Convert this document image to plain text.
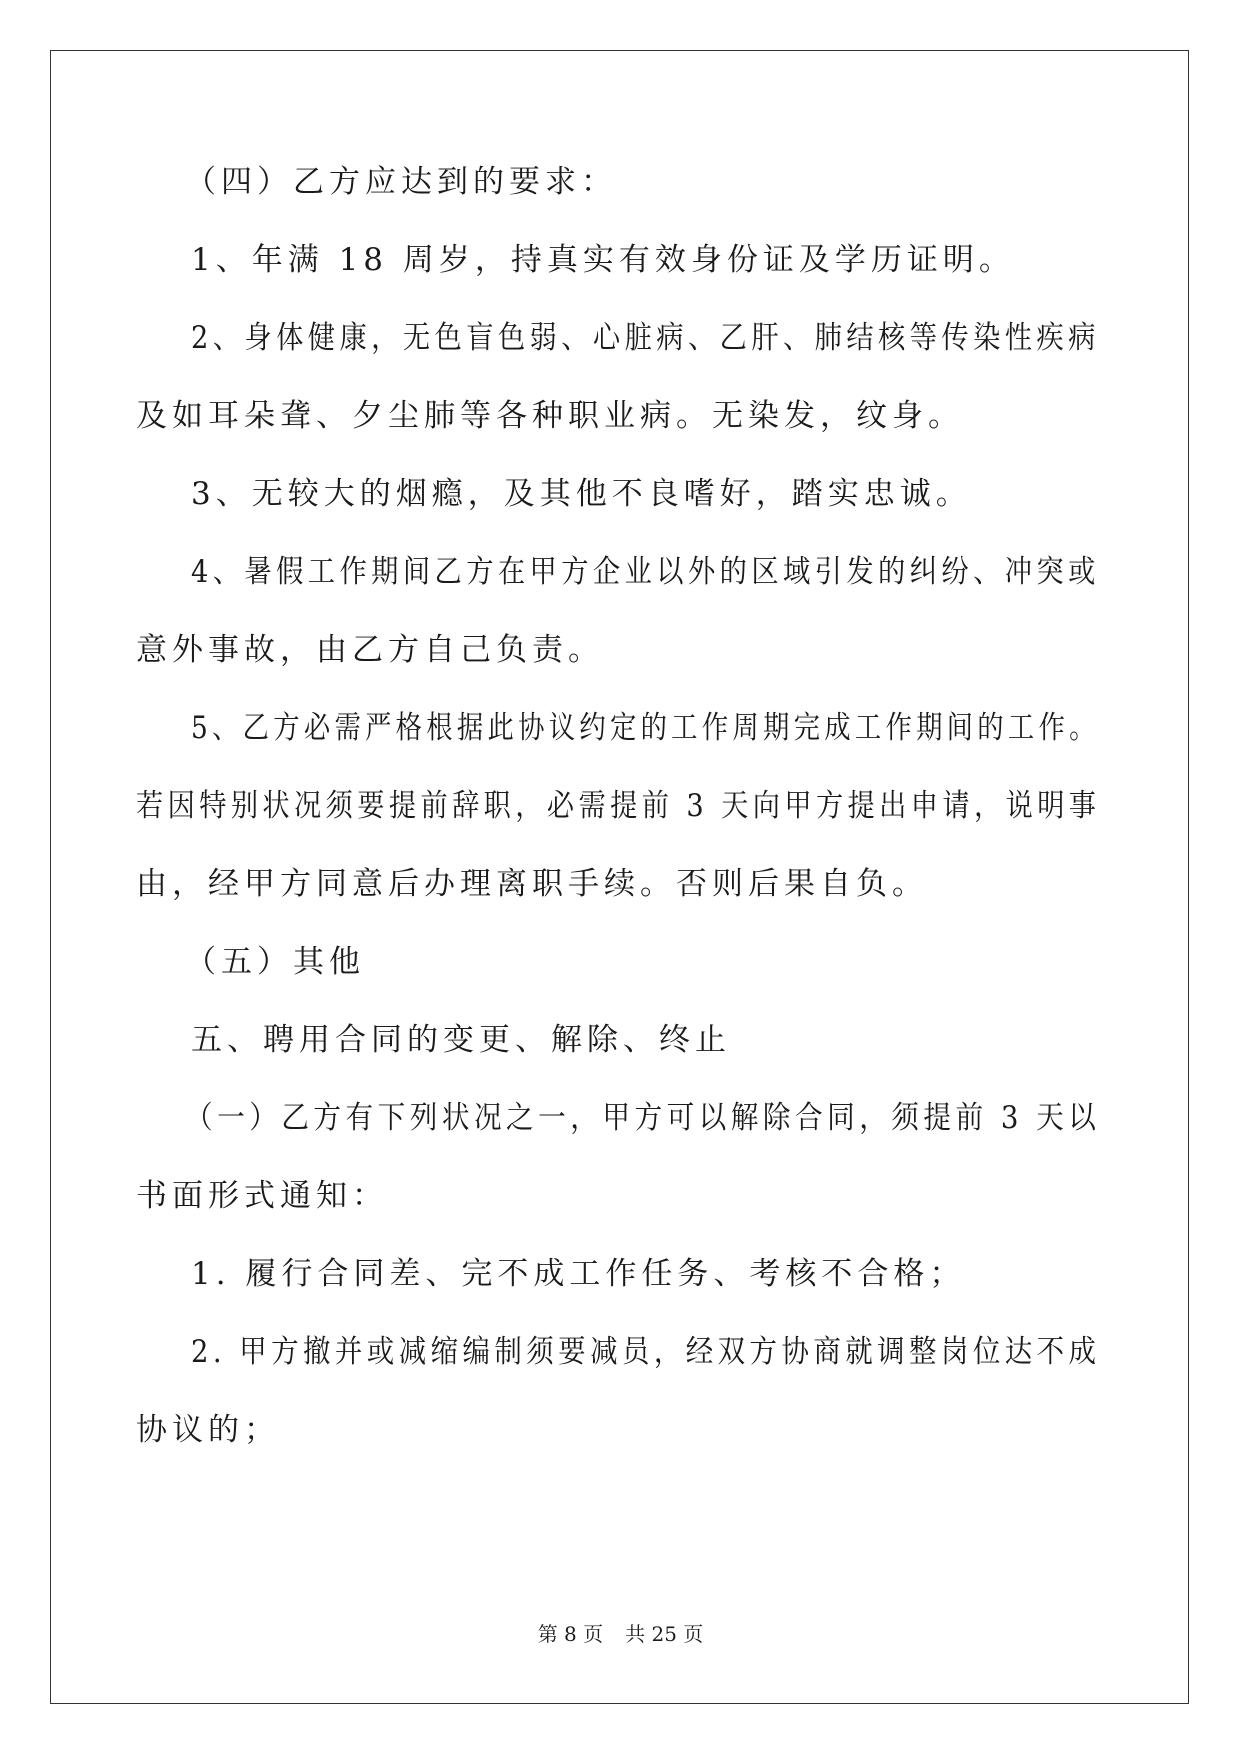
（四）乙方应达到的要求：
1、年满 18 周岁，持真实有效身份证及学历证明。
2、身体健康，无色盲色弱、心脏病、乙肝、肺结核等传染性疾病
及如耳朵聋、夕尘肺等各种职业病。无染发，纹身。
3、无较大的烟瘾，及其他不良嗜好，踏实忠诚。
4、暑假工作期间乙方在甲方企业以外的区域引发的纠纷、冲突或
意外事故，由乙方自己负责。
5、乙方必需严格根据此协议约定的工作周期完成工作期间的工作。
若因特别状况须要提前辞职，必需提前 3 天向甲方提出申请，说明事
由，经甲方同意后办理离职手续。否则后果自负。
（五）其他
五、聘用合同的变更、解除、终止
（一）乙方有下列状况之一，甲方可以解除合同，须提前 3 天以
书面形式通知：
1. 履行合同差、完不成工作任务、考核不合格；
2. 甲方撤并或减缩编制须要减员，经双方协商就调整岗位达不成
协议的；
第 8 页 共 25 页
